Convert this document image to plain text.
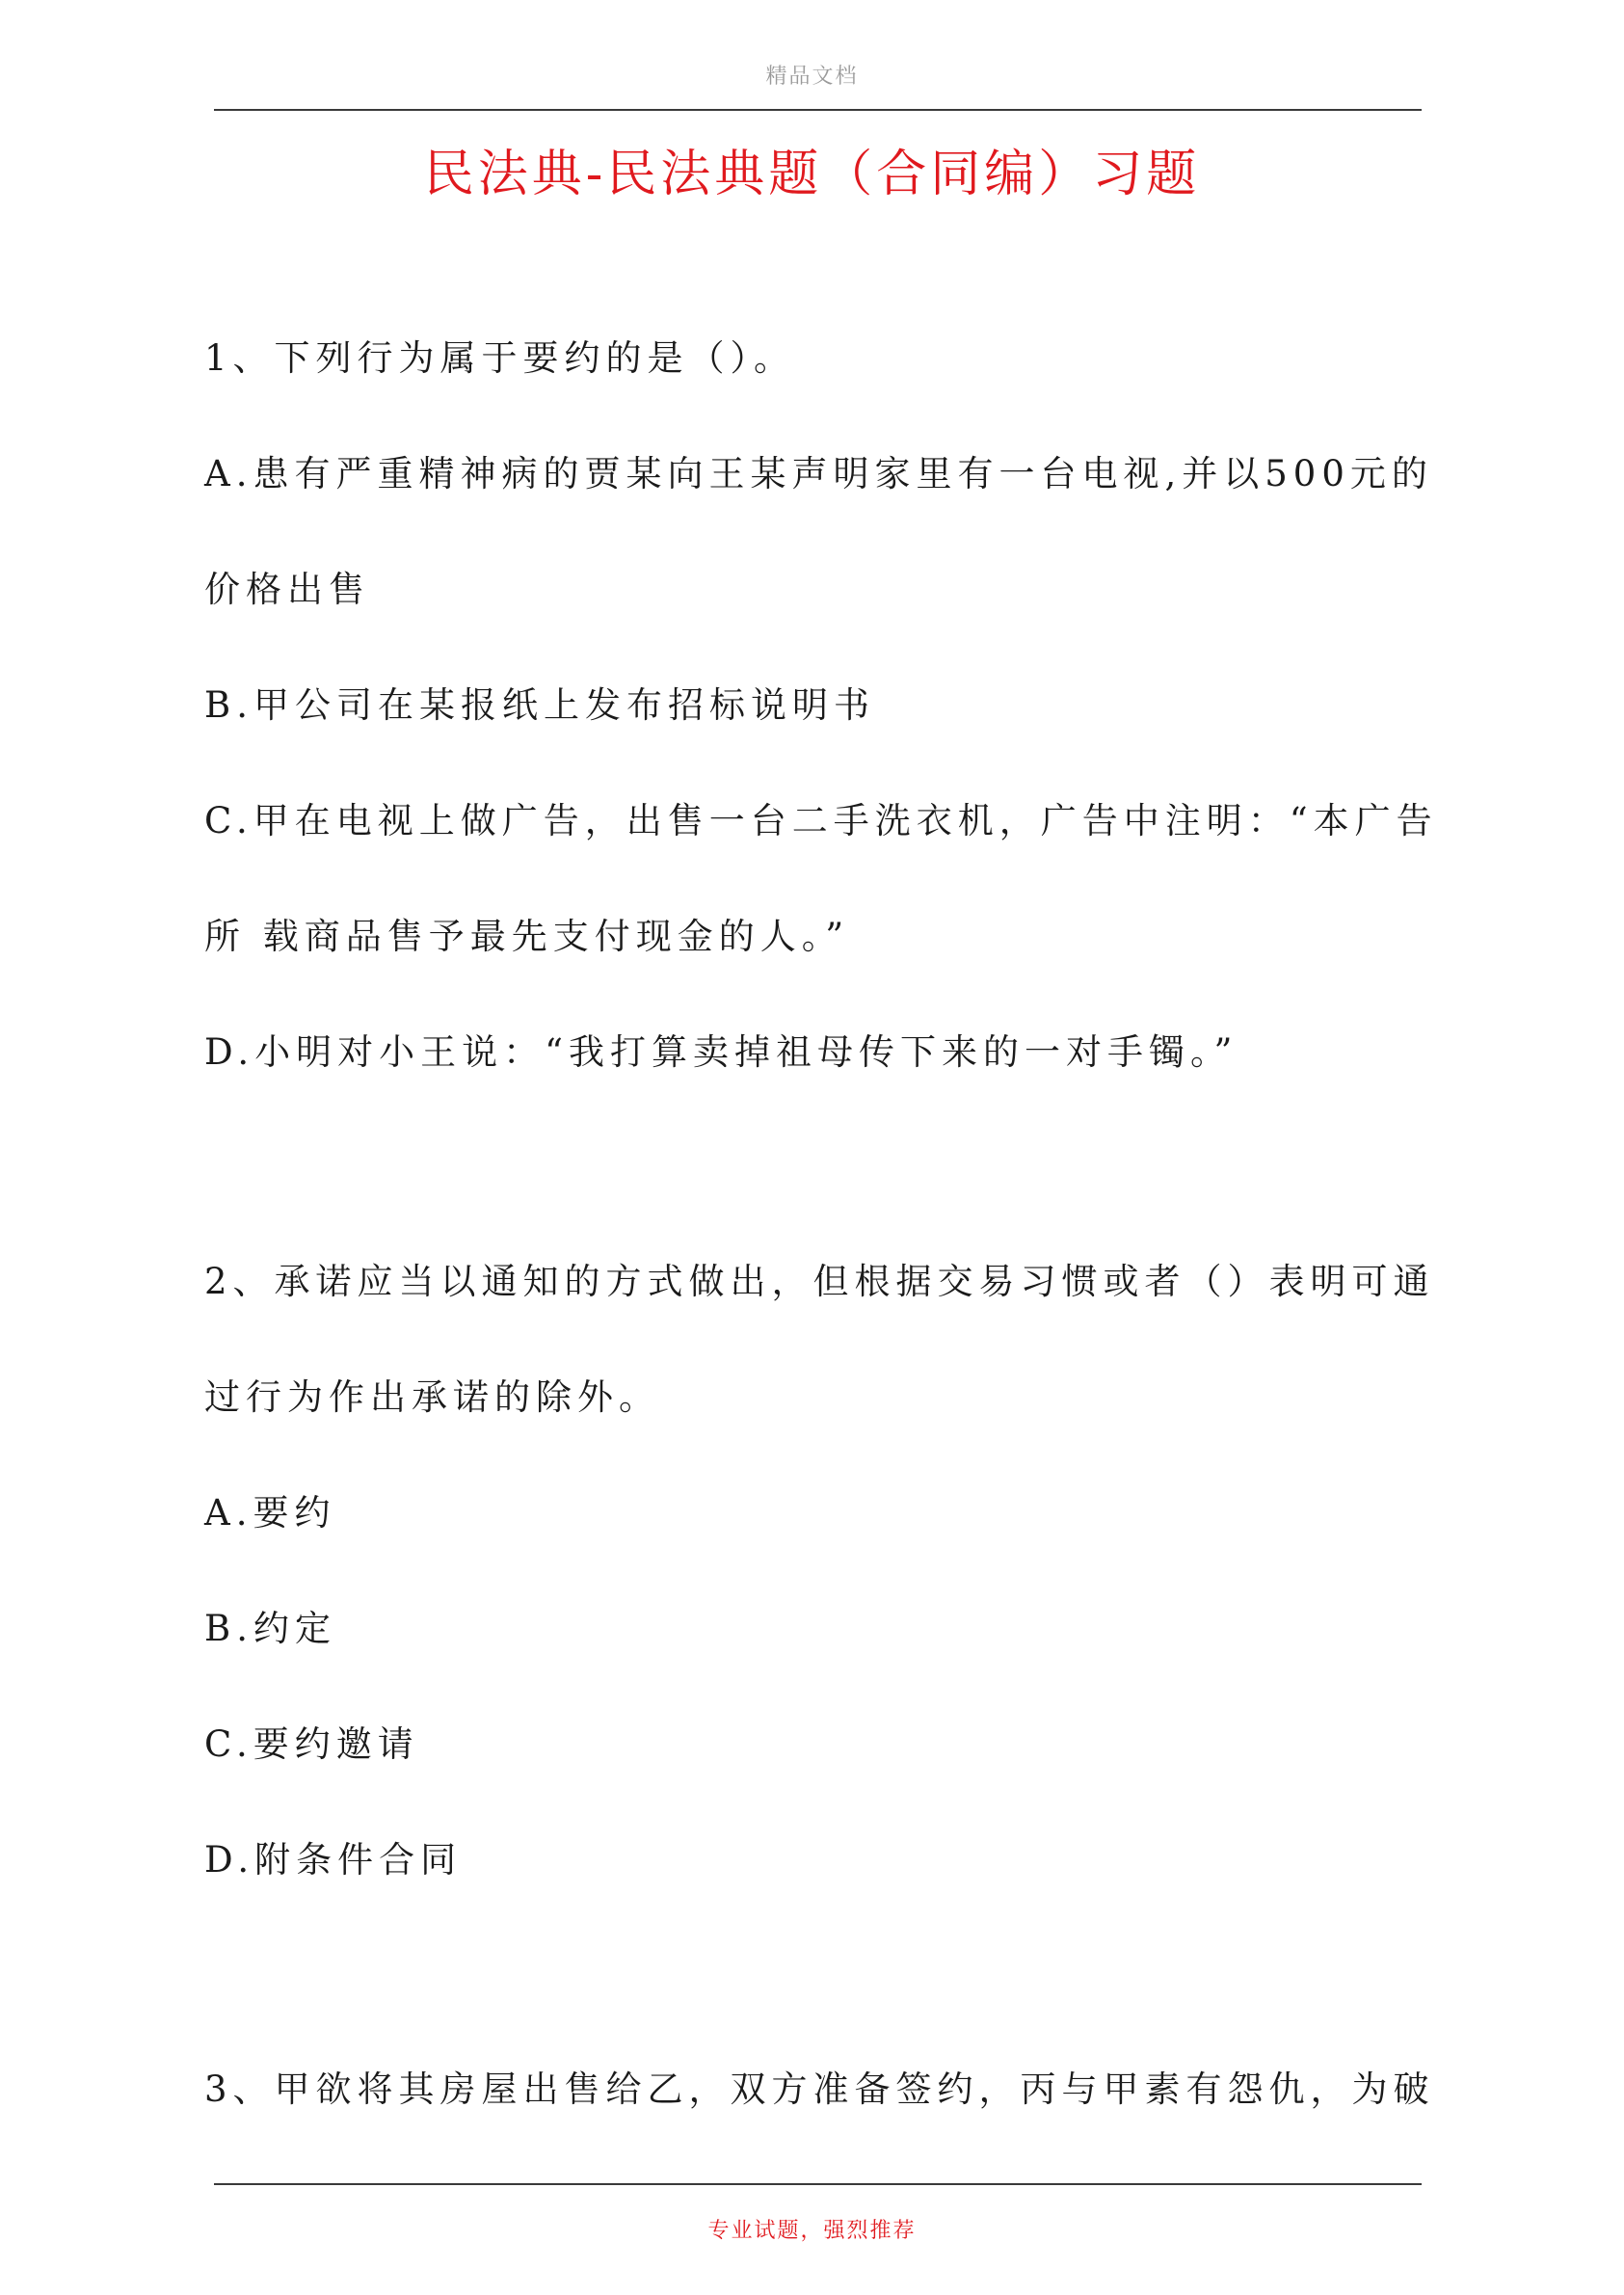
精品文档
民法典-民法典题（合同编）习题
1、下列行为属于要约的是（）。
A.患有严重精神病的贾某向王某声明家里有一台电视,并以500元的
价格出售
B.甲公司在某报纸上发布招标说明书
C.甲在电视上做广告，出售一台二手洗衣机，广告中注明：“本广告
所 载商品售予最先支付现金的人。”
D.小明对小王说：“我打算卖掉祖母传下来的一对手镯。”
2、承诺应当以通知的方式做出，但根据交易习惯或者（）表明可通
过行为作出承诺的除外。
A.要约
B.约定
C.要约邀请
D.附条件合同
3、甲欲将其房屋出售给乙，双方准备签约，丙与甲素有怨仇，为破
专业试题，强烈推荐
